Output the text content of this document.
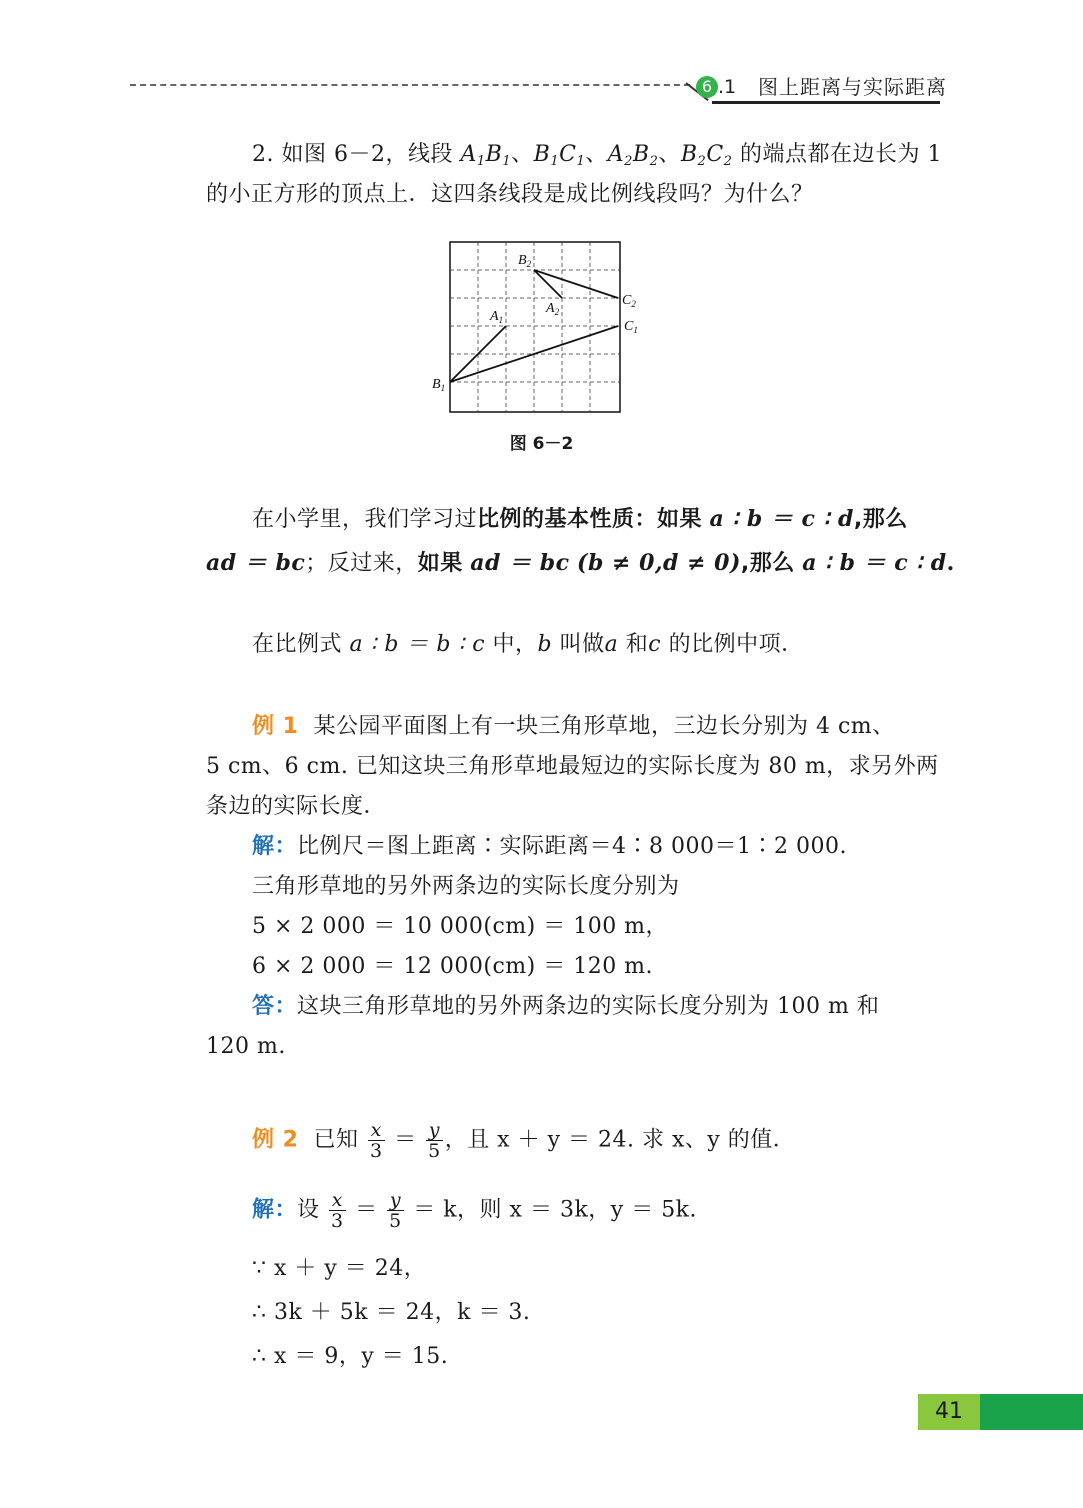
6 .1 图上距离与实际距离
2. 如图 6－2，线段 $A_1B_1$、$B_1C_1$、$A_2B_2$、$B_2C_2$ 的端点都在边长为 1
的小正方形的顶点上．这四条线段是成比例线段吗？为什么？
$B_1$
$A_1$
$B_2$
$A_2$
$C_2$
$C_1$
图 6－2
在小学里，我们学习过比例的基本性质：如果 a ∶ b ＝ c ∶ d,那么
ad ＝ bc；反过来，如果 ad ＝ bc (b ≠ 0,d ≠ 0),那么 a ∶ b ＝ c ∶ d.
在比例式 a ∶ b ＝ b ∶ c 中，b 叫做a 和c 的比例中项．
例 1 某公园平面图上有一块三角形草地，三边长分别为 4 cm、
5 cm、6 cm. 已知这块三角形草地最短边的实际长度为 80 m，求另外两
条边的实际长度．
解：比例尺＝图上距离∶实际距离＝4∶8 000＝1∶2 000.
三角形草地的另外两条边的实际长度分别为
5 × 2 000 ＝ 10 000(cm) ＝ 100 m，
6 × 2 000 ＝ 12 000(cm) ＝ 120 m.
答：这块三角形草地的另外两条边的实际长度分别为 100 m 和
120 m.
例 2 已知 $\frac{x}{3} = \frac{y}{5}$ ，且 x ＋ y ＝ 24. 求 x、y 的值．
解：设 $\frac{x}{3} = \frac{y}{5} = k$，则 x ＝ 3k，y ＝ 5k.
∵ x ＋ y ＝ 24，
∴ 3k ＋ 5k ＝ 24，k ＝ 3.
∴ x ＝ 9，y ＝ 15.
41
